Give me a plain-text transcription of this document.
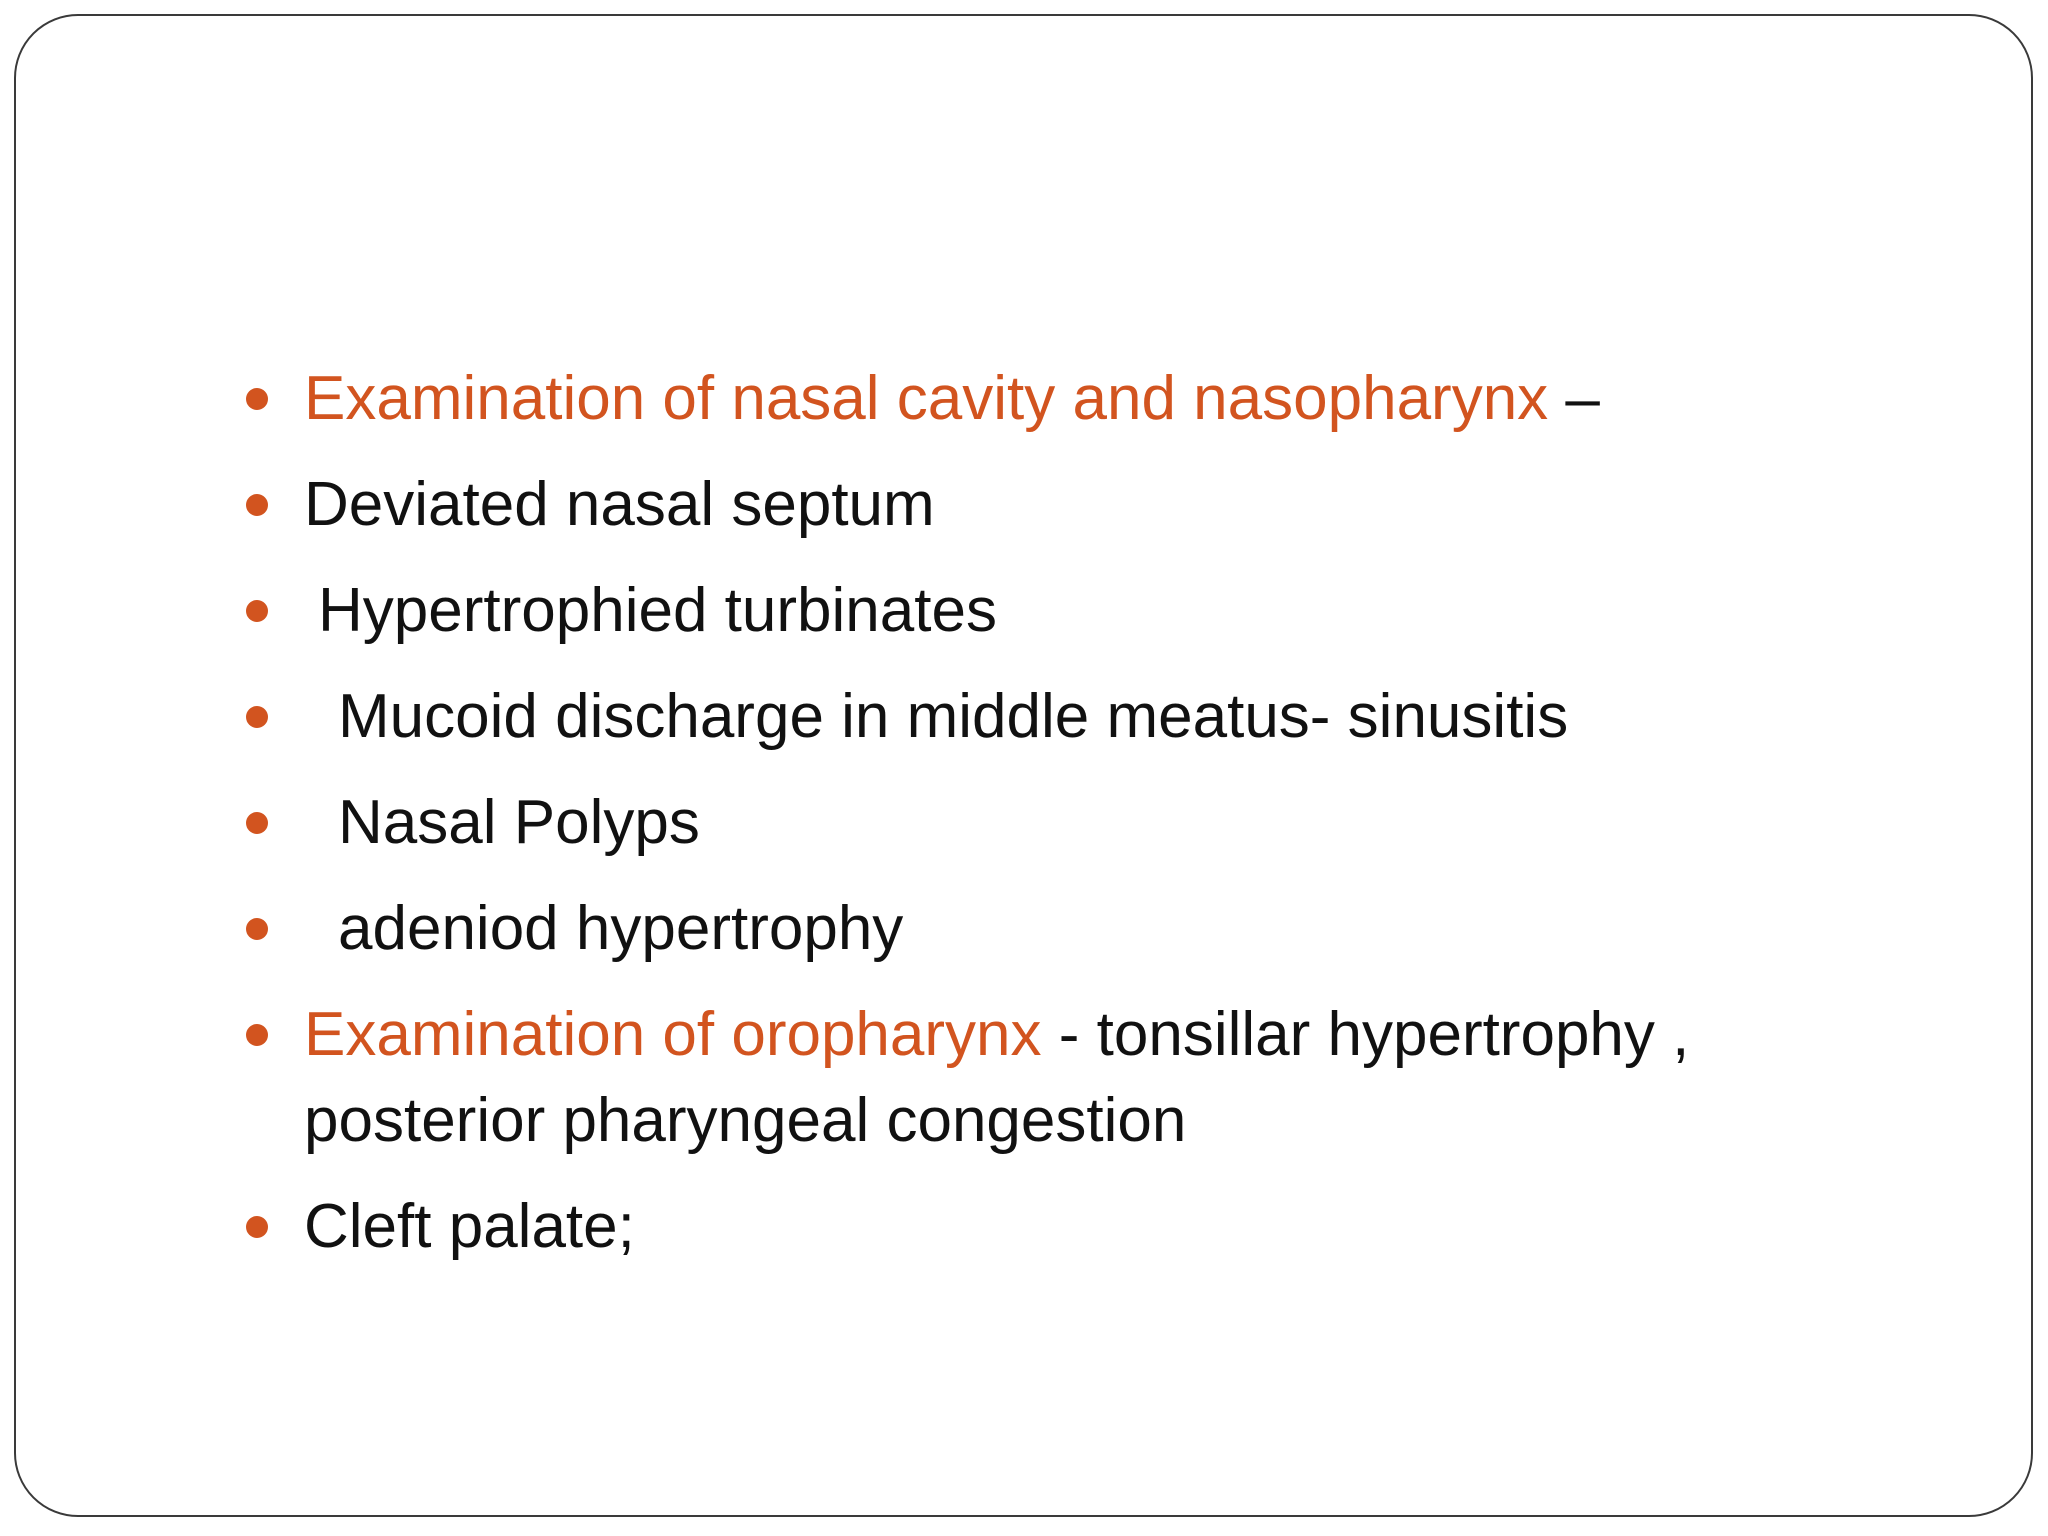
Examination of nasal cavity and nasopharynx –
Deviated nasal septum
Hypertrophied turbinates
Mucoid discharge in middle meatus- sinusitis
Nasal Polyps
adeniod hypertrophy
Examination of oropharynx - tonsillar hypertrophy , posterior pharyngeal congestion
Cleft palate;
